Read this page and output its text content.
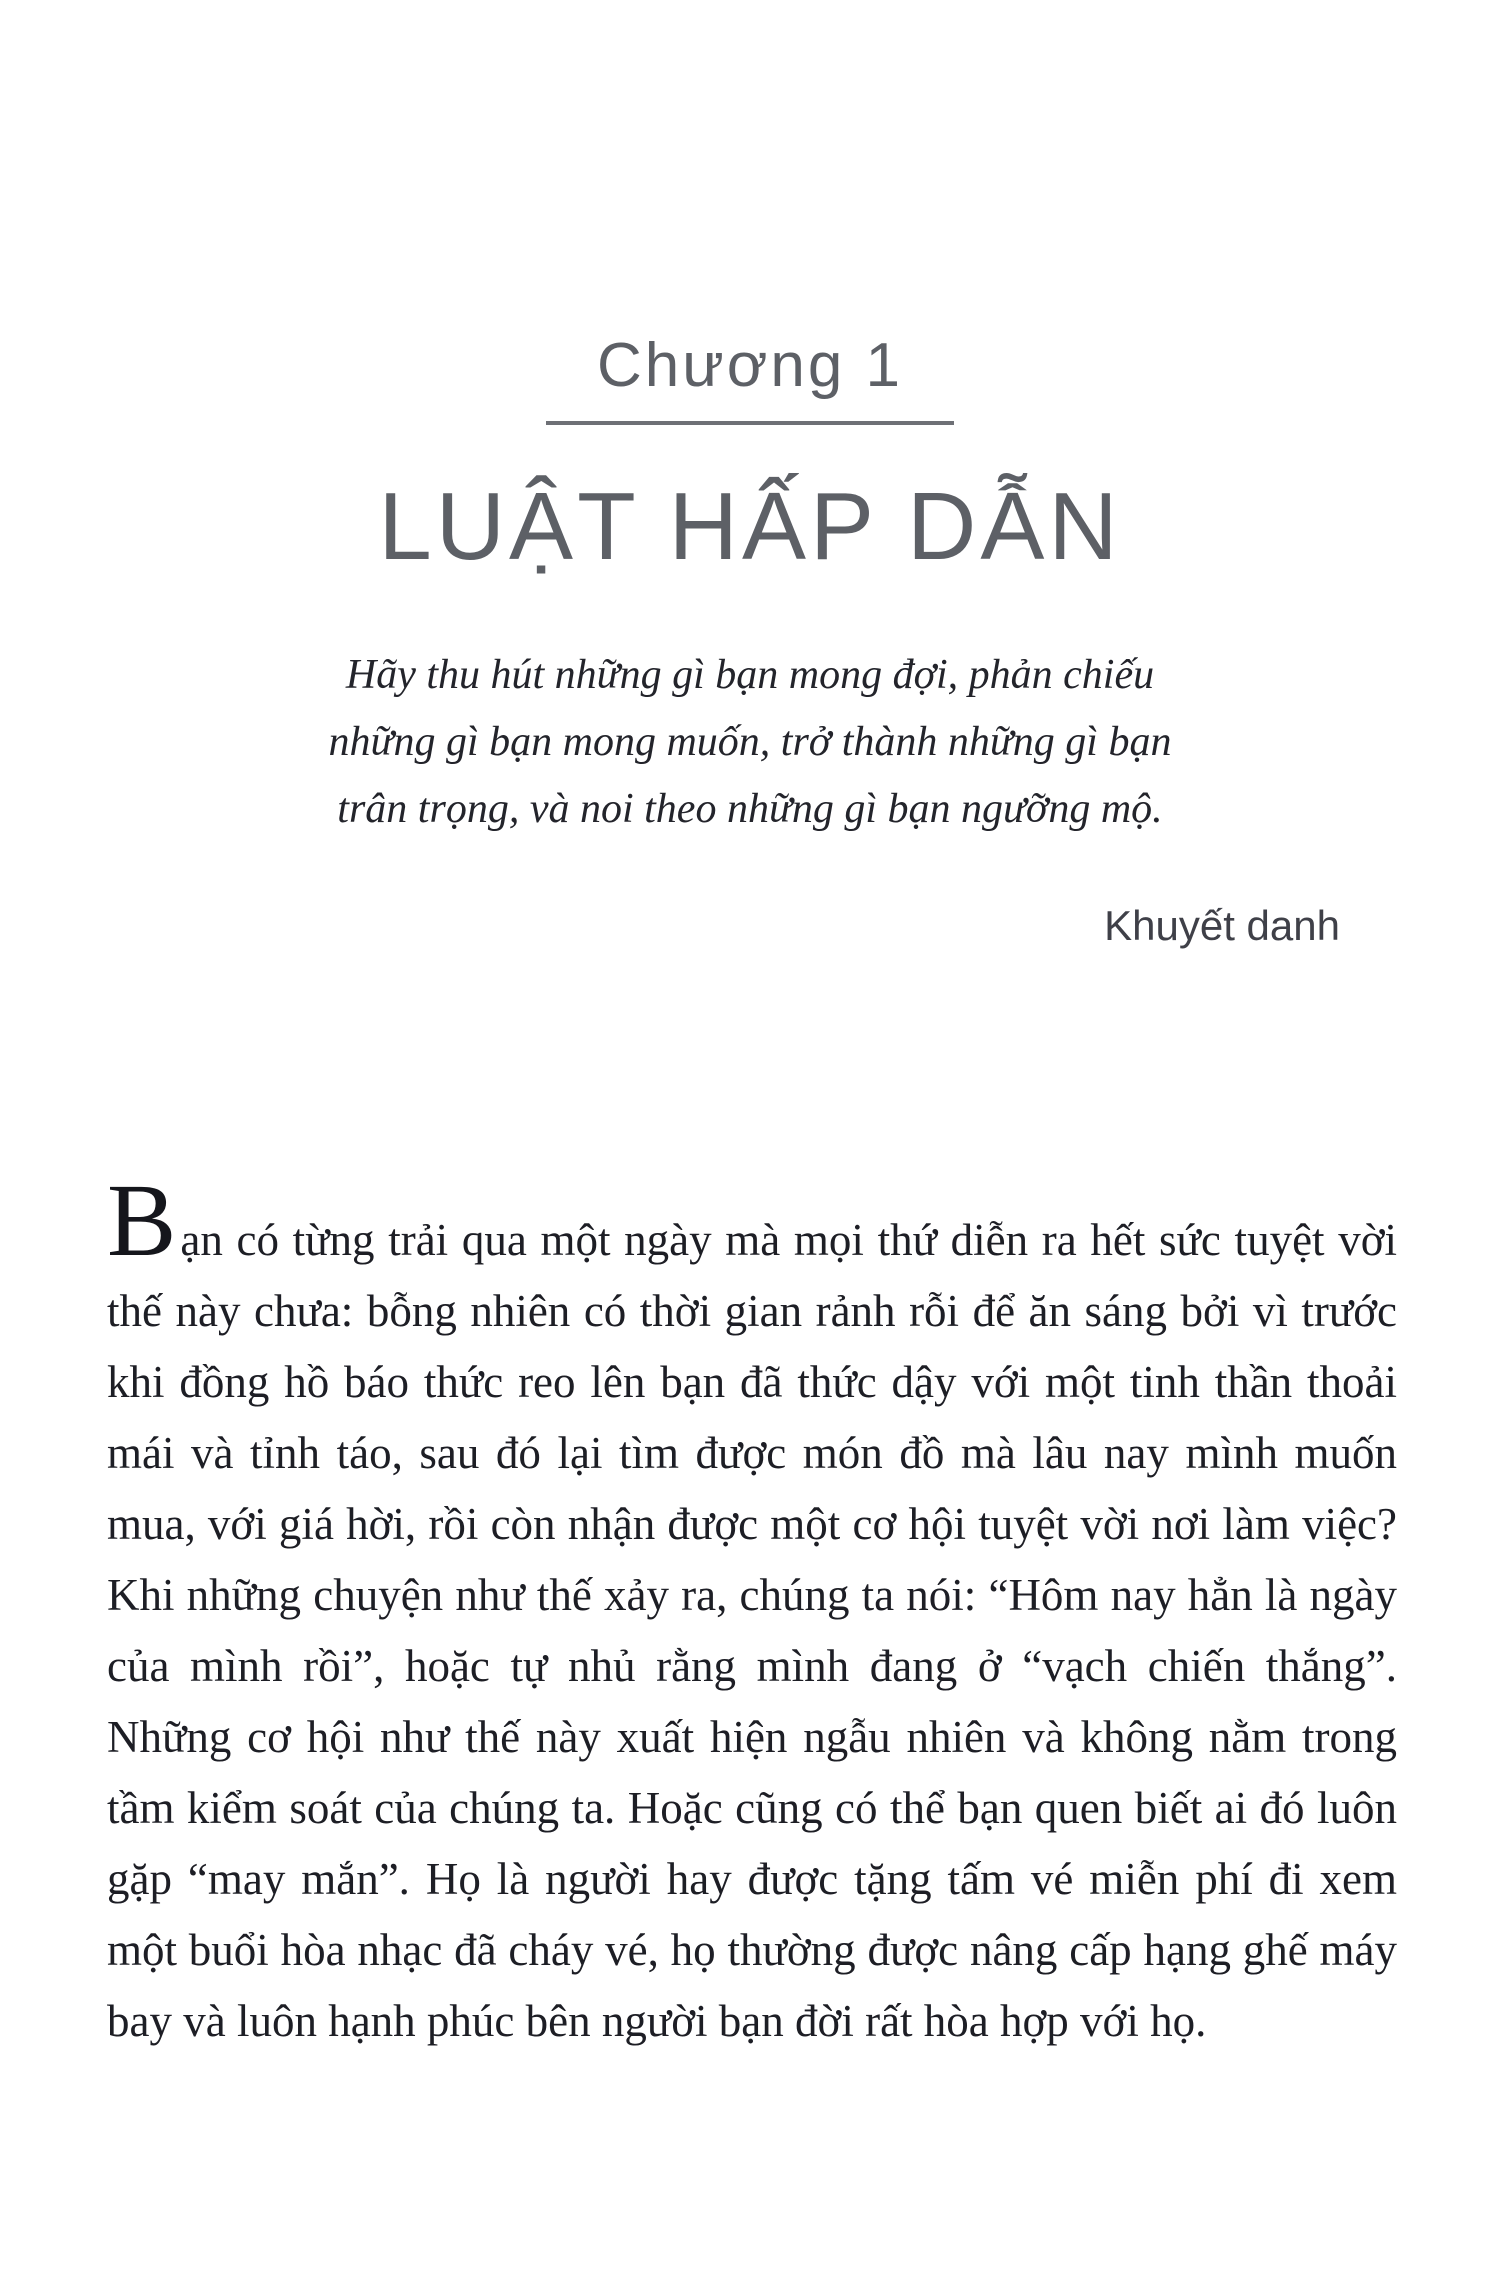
Chương 1
LUẬT HẤP DẪN
Hãy thu hút những gì bạn mong đợi, phản chiếu
những gì bạn mong muốn, trở thành những gì bạn
trân trọng, và noi theo những gì bạn ngưỡng mộ.
Khuyết danh

Bạn có từng trải qua một ngày mà mọi thứ diễn ra hết sức tuyệt vời thế này chưa: bỗng nhiên có thời gian rảnh rỗi để ăn sáng bởi vì trước khi đồng hồ báo thức reo lên bạn đã thức dậy với một tinh thần thoải mái và tỉnh táo, sau đó lại tìm được món đồ mà lâu nay mình muốn mua, với giá hời, rồi còn nhận được một cơ hội tuyệt vời nơi làm việc? Khi những chuyện như thế xảy ra, chúng ta nói: “Hôm nay hẳn là ngày của mình rồi”, hoặc tự nhủ rằng mình đang ở “vạch chiến thắng”. Những cơ hội như thế này xuất hiện ngẫu nhiên và không nằm trong tầm kiểm soát của chúng ta. Hoặc cũng có thể bạn quen biết ai đó luôn gặp “may mắn”. Họ là người hay được tặng tấm vé miễn phí đi xem một buổi hòa nhạc đã cháy vé, họ thường được nâng cấp hạng ghế máy bay và luôn hạnh phúc bên người bạn đời rất hòa hợp với họ.
